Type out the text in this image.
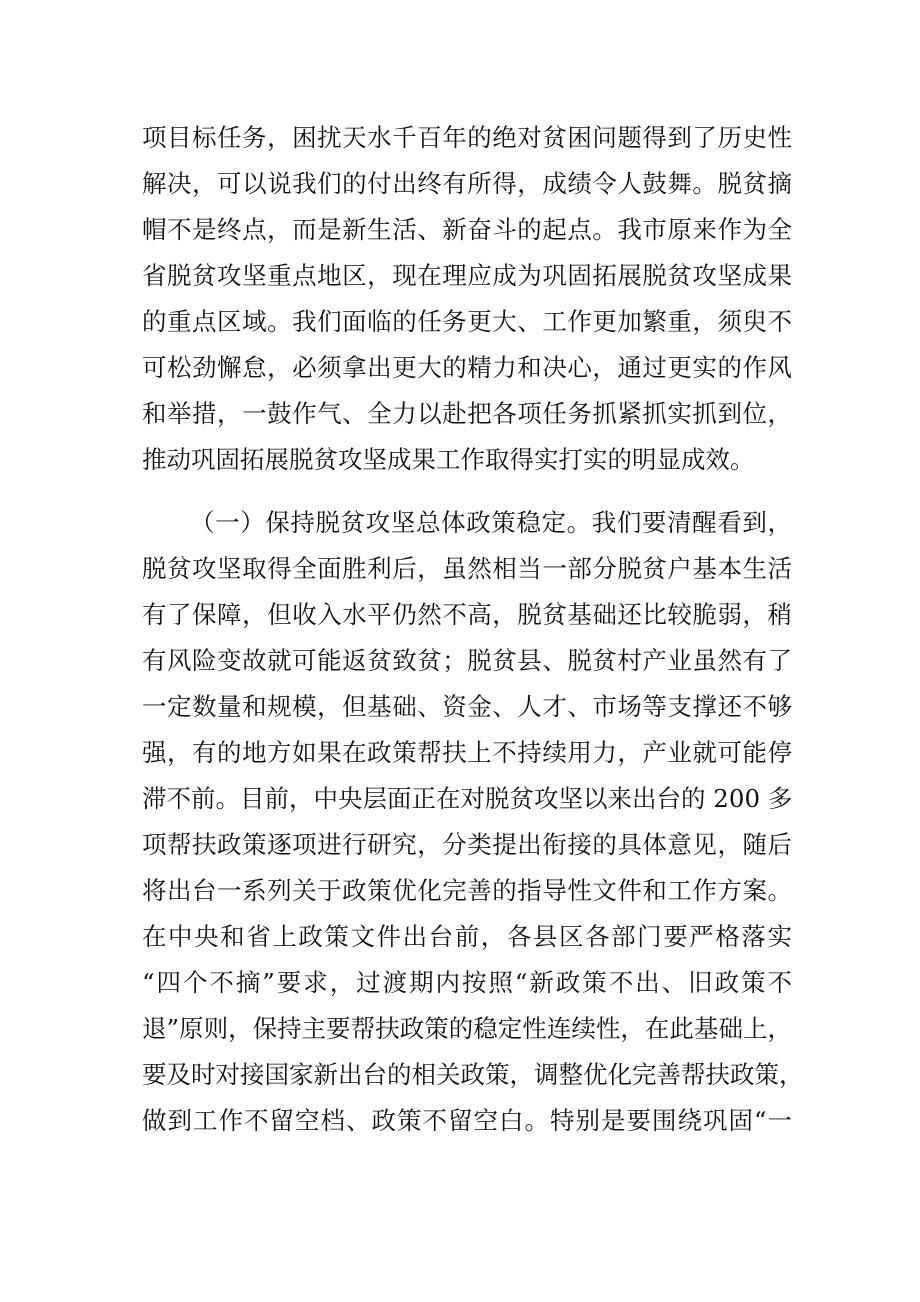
项目标任务，困扰天水千百年的绝对贫困问题得到了历史性
解决，可以说我们的付出终有所得，成绩令人鼓舞。脱贫摘
帽不是终点，而是新生活、新奋斗的起点。我市原来作为全
省脱贫攻坚重点地区，现在理应成为巩固拓展脱贫攻坚成果
的重点区域。我们面临的任务更大、工作更加繁重，须臾不
可松劲懈怠，必须拿出更大的精力和决心，通过更实的作风
和举措，一鼓作气、全力以赴把各项任务抓紧抓实抓到位，
推动巩固拓展脱贫攻坚成果工作取得实打实的明显成效。
（一）保持脱贫攻坚总体政策稳定。我们要清醒看到，
脱贫攻坚取得全面胜利后，虽然相当一部分脱贫户基本生活
有了保障，但收入水平仍然不高，脱贫基础还比较脆弱，稍
有风险变故就可能返贫致贫；脱贫县、脱贫村产业虽然有了
一定数量和规模，但基础、资金、人才、市场等支撑还不够
强，有的地方如果在政策帮扶上不持续用力，产业就可能停
滞不前。目前，中央层面正在对脱贫攻坚以来出台的 200 多
项帮扶政策逐项进行研究，分类提出衔接的具体意见，随后
将出台一系列关于政策优化完善的指导性文件和工作方案。
在中央和省上政策文件出台前，各县区各部门要严格落实
“四个不摘”要求，过渡期内按照“新政策不出、旧政策不
退”原则，保持主要帮扶政策的稳定性连续性，在此基础上，
要及时对接国家新出台的相关政策，调整优化完善帮扶政策，
做到工作不留空档、政策不留空白。特别是要围绕巩固“一
